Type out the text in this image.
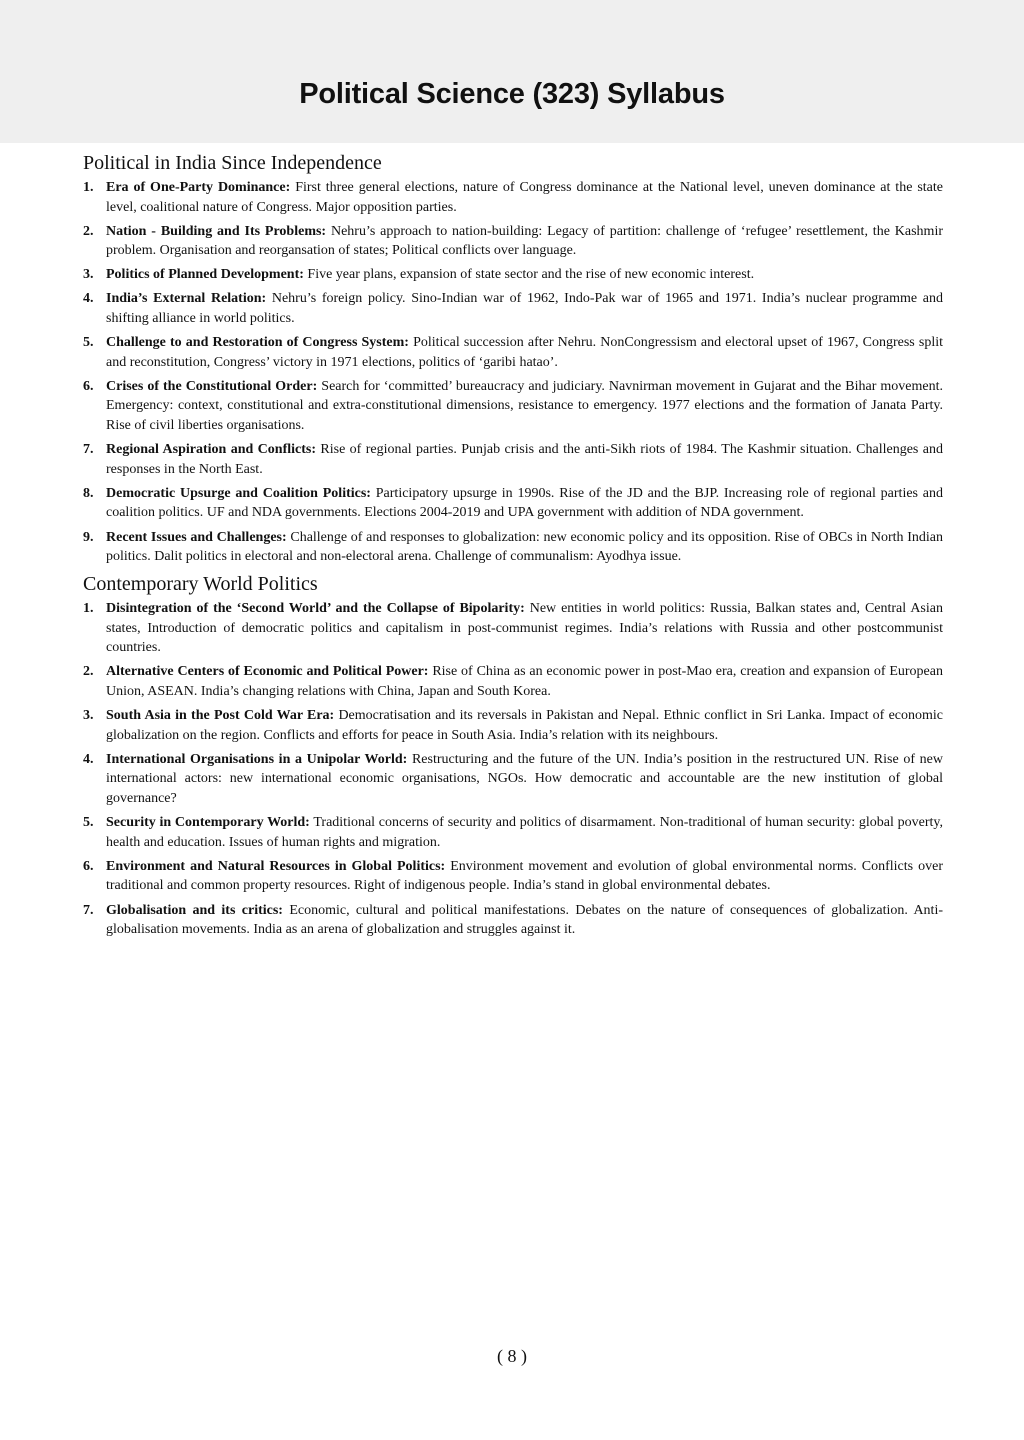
Political Science (323) Syllabus
Political in India Since Independence
1. Era of One-Party Dominance: First three general elections, nature of Congress dominance at the National level, uneven dominance at the state level, coalitional nature of Congress. Major opposition parties.
2. Nation - Building and Its Problems: Nehru’s approach to nation-building: Legacy of partition: challenge of ‘refugee’ resettlement, the Kashmir problem. Organisation and reorgansation of states; Political conflicts over language.
3. Politics of Planned Development: Five year plans, expansion of state sector and the rise of new economic interest.
4. India’s External Relation: Nehru’s foreign policy. Sino-Indian war of 1962, Indo-Pak war of 1965 and 1971. India’s nuclear programme and shifting alliance in world politics.
5. Challenge to and Restoration of Congress System: Political succession after Nehru. NonCongressism and electoral upset of 1967, Congress split and reconstitution, Congress’ victory in 1971 elections, politics of ‘garibi hatao’.
6. Crises of the Constitutional Order: Search for ‘committed’ bureaucracy and judiciary. Navnirman movement in Gujarat and the Bihar movement. Emergency: context, constitutional and extra-constitutional dimensions, resistance to emergency. 1977 elections and the formation of Janata Party. Rise of civil liberties organisations.
7. Regional Aspiration and Conflicts: Rise of regional parties. Punjab crisis and the anti-Sikh riots of 1984. The Kashmir situation. Challenges and responses in the North East.
8. Democratic Upsurge and Coalition Politics: Participatory upsurge in 1990s. Rise of the JD and the BJP. Increasing role of regional parties and coalition politics. UF and NDA governments. Elections 2004-2019 and UPA government with addition of NDA government.
9. Recent Issues and Challenges: Challenge of and responses to globalization: new economic policy and its opposition. Rise of OBCs in North Indian politics. Dalit politics in electoral and non-electoral arena. Challenge of communalism: Ayodhya issue.
Contemporary World Politics
1. Disintegration of the ‘Second World’ and the Collapse of Bipolarity: New entities in world politics: Russia, Balkan states and, Central Asian states, Introduction of democratic politics and capitalism in post-communist regimes. India’s relations with Russia and other postcommunist countries.
2. Alternative Centers of Economic and Political Power: Rise of China as an economic power in post-Mao era, creation and expansion of European Union, ASEAN. India’s changing relations with China, Japan and South Korea.
3. South Asia in the Post Cold War Era: Democratisation and its reversals in Pakistan and Nepal. Ethnic conflict in Sri Lanka. Impact of economic globalization on the region. Conflicts and efforts for peace in South Asia. India’s relation with its neighbours.
4. International Organisations in a Unipolar World: Restructuring and the future of the UN. India’s position in the restructured UN. Rise of new international actors: new international economic organisations, NGOs. How democratic and accountable are the new institution of global governance?
5. Security in Contemporary World: Traditional concerns of security and politics of disarmament. Non-traditional of human security: global poverty, health and education. Issues of human rights and migration.
6. Environment and Natural Resources in Global Politics: Environment movement and evolution of global environmental norms. Conflicts over traditional and common property resources. Right of indigenous people. India’s stand in global environmental debates.
7. Globalisation and its critics: Economic, cultural and political manifestations. Debates on the nature of consequences of globalization. Anti-globalisation movements. India as an arena of globalization and struggles against it.
( 8 )
